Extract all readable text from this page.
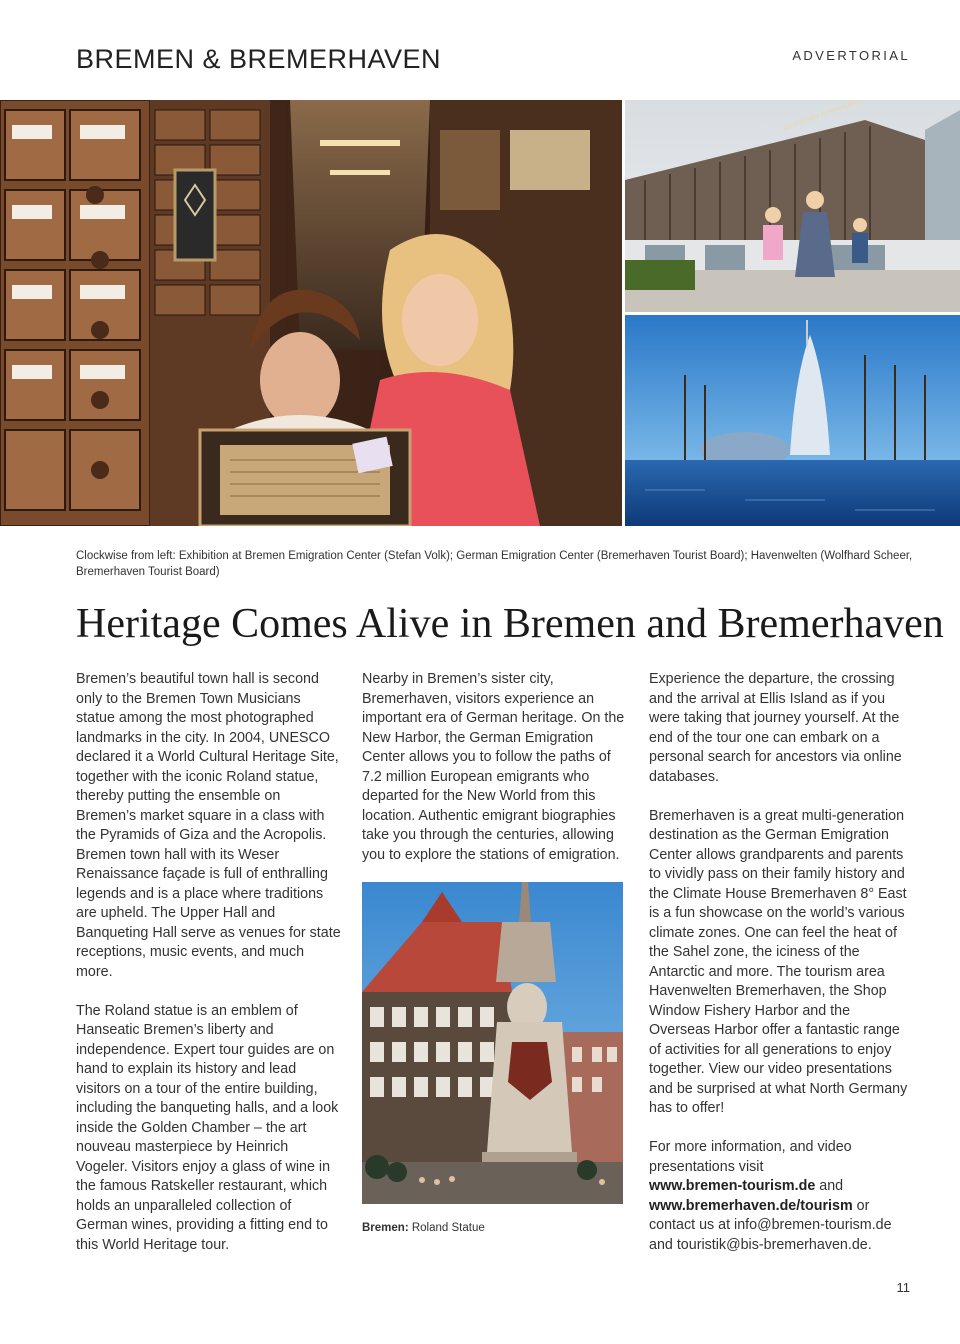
BREMEN & BREMERHAVEN	ADVERTORIAL
Clockwise from left: Exhibition at Bremen Emigration Center (Stefan Volk); German Emigration Center (Bremerhaven Tourist Board); Havenwelten (Wolfhard Scheer, Bremerhaven Tourist Board)
Heritage Comes Alive in Bremen and Bremerhaven

Bremen’s beautiful town hall is second only to the Bremen Town Musicians statue among the most photographed landmarks in the city. In 2004, UNESCO declared it a World Cultural Heritage Site, together with the iconic Roland statue, thereby putting the ensemble on Bremen’s market square in a class with the Pyramids of Giza and the Acropolis. Bremen town hall with its Weser Renaissance façade is full of enthralling legends and is a place where traditions are upheld. The Upper Hall and Banqueting Hall serve as venues for state receptions, music events, and much more.

The Roland statue is an emblem of Hanseatic Bremen’s liberty and independence. Expert tour guides are on hand to explain its history and lead visitors on a tour of the entire building, including the banqueting halls, and a look inside the Golden Chamber – the art nouveau masterpiece by Heinrich Vogeler. Visitors enjoy a glass of wine in the famous Ratskeller restaurant, which holds an unparalleled collection of German wines, providing a fitting end to this World Heritage tour.

Nearby in Bremen’s sister city, Bremerhaven, visitors experience an important era of German heritage. On the New Harbor, the German Emigration Center allows you to follow the paths of 7.2 million European emigrants who departed for the New World from this location. Authentic emigrant biographies take you through the centuries, allowing you to explore the stations of emigration.

Bremen: Roland Statue

Experience the departure, the crossing and the arrival at Ellis Island as if you were taking that journey yourself. At the end of the tour one can embark on a personal search for ancestors via online databases.

Bremerhaven is a great multi-generation destination as the German Emigration Center allows grandparents and parents to vividly pass on their family history and the Climate House Bremerhaven 8° East is a fun showcase on the world’s various climate zones. One can feel the heat of the Sahel zone, the iciness of the Antarctic and more. The tourism area Havenwelten Bremerhaven, the Shop Window Fishery Harbor and the Overseas Harbor offer a fantastic range of activities for all generations to enjoy together. View our video presentations and be surprised at what North Germany has to offer!

For more information, and video presentations visit
www.bremen-tourism.de and
www.bremerhaven.de/tourism or contact us at info@bremen-tourism.de and touristik@bis-bremerhaven.de.

11
